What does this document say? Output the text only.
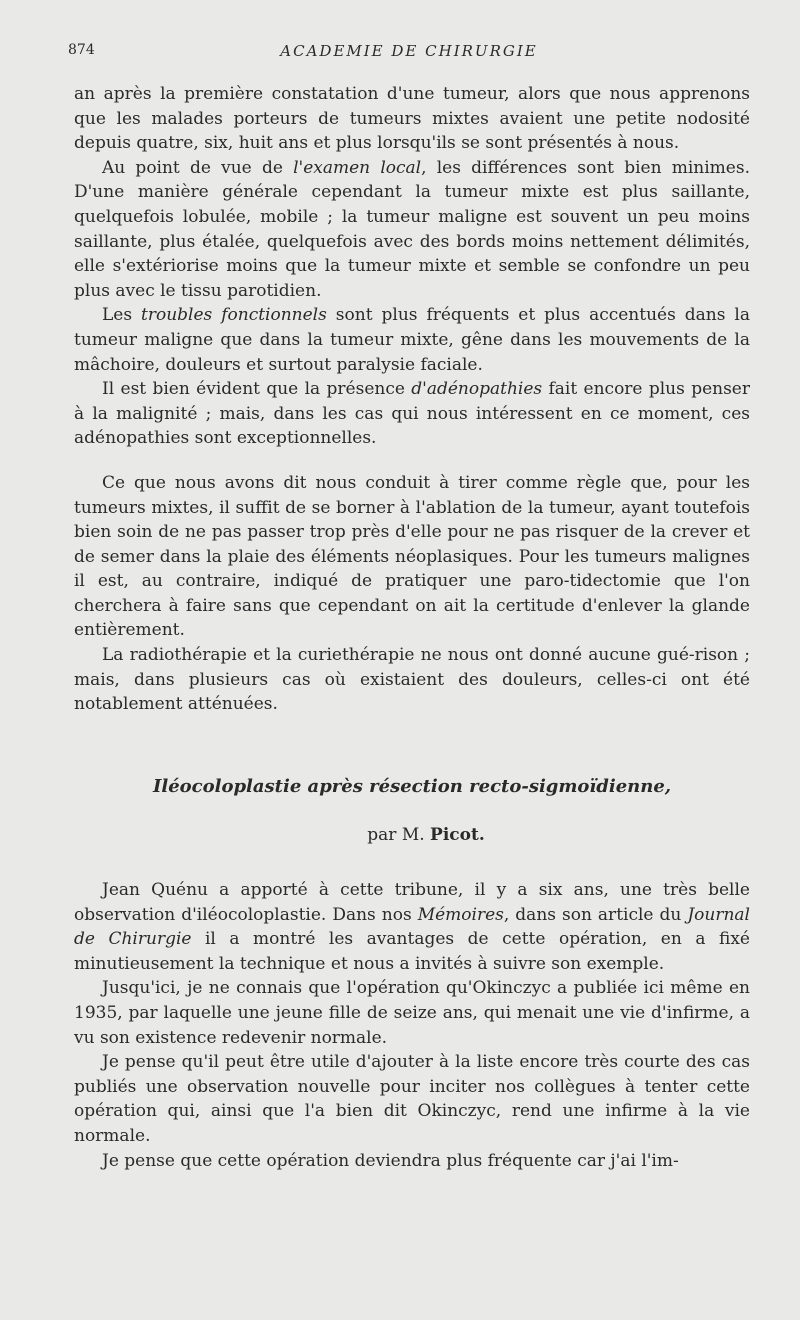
874	ACADEMIE DE CHIRURGIE

an après la première constatation d'une tumeur, alors que nous apprenons que les malades porteurs de tumeurs mixtes avaient une petite nodosité depuis quatre, six, huit ans et plus lorsqu'ils se sont présentés à nous.

Au point de vue de l'examen local, les différences sont bien minimes. D'une manière générale cependant la tumeur mixte est plus saillante, quelquefois lobulée, mobile ; la tumeur maligne est souvent un peu moins saillante, plus étalée, quelquefois avec des bords moins nettement délimités, elle s'extériorise moins que la tumeur mixte et semble se confondre un peu plus avec le tissu parotidien.

Les troubles fonctionnels sont plus fréquents et plus accentués dans la tumeur maligne que dans la tumeur mixte, gêne dans les mouvements de la mâchoire, douleurs et surtout paralysie faciale.

Il est bien évident que la présence d'adénopathies fait encore plus penser à la malignité ; mais, dans les cas qui nous intéressent en ce moment, ces adénopathies sont exceptionnelles.

Ce que nous avons dit nous conduit à tirer comme règle que, pour les tumeurs mixtes, il suffit de se borner à l'ablation de la tumeur, ayant toutefois bien soin de ne pas passer trop près d'elle pour ne pas risquer de la crever et de semer dans la plaie des éléments néoplasiques. Pour les tumeurs malignes il est, au contraire, indiqué de pratiquer une paro-tidectomie que l'on cherchera à faire sans que cependant on ait la certitude d'enlever la glande entièrement.

La radiothérapie et la curiethérapie ne nous ont donné aucune gué-rison ; mais, dans plusieurs cas où existaient des douleurs, celles-ci ont été notablement atténuées.

Iléocoloplastie après résection recto-sigmoïdienne,

par M. Picot.

Jean Quénu a apporté à cette tribune, il y a six ans, une très belle observation d'iléocoloplastie. Dans nos Mémoires, dans son article du Journal de Chirurgie il a montré les avantages de cette opération, en a fixé minutieusement la technique et nous a invités à suivre son exemple.

Jusqu'ici, je ne connais que l'opération qu'Okinczyc a publiée ici même en 1935, par laquelle une jeune fille de seize ans, qui menait une vie d'infirme, a vu son existence redevenir normale.

Je pense qu'il peut être utile d'ajouter à la liste encore très courte des cas publiés une observation nouvelle pour inciter nos collègues à tenter cette opération qui, ainsi que l'a bien dit Okinczyc, rend une infirme à la vie normale.

Je pense que cette opération deviendra plus fréquente car j'ai l'im-
